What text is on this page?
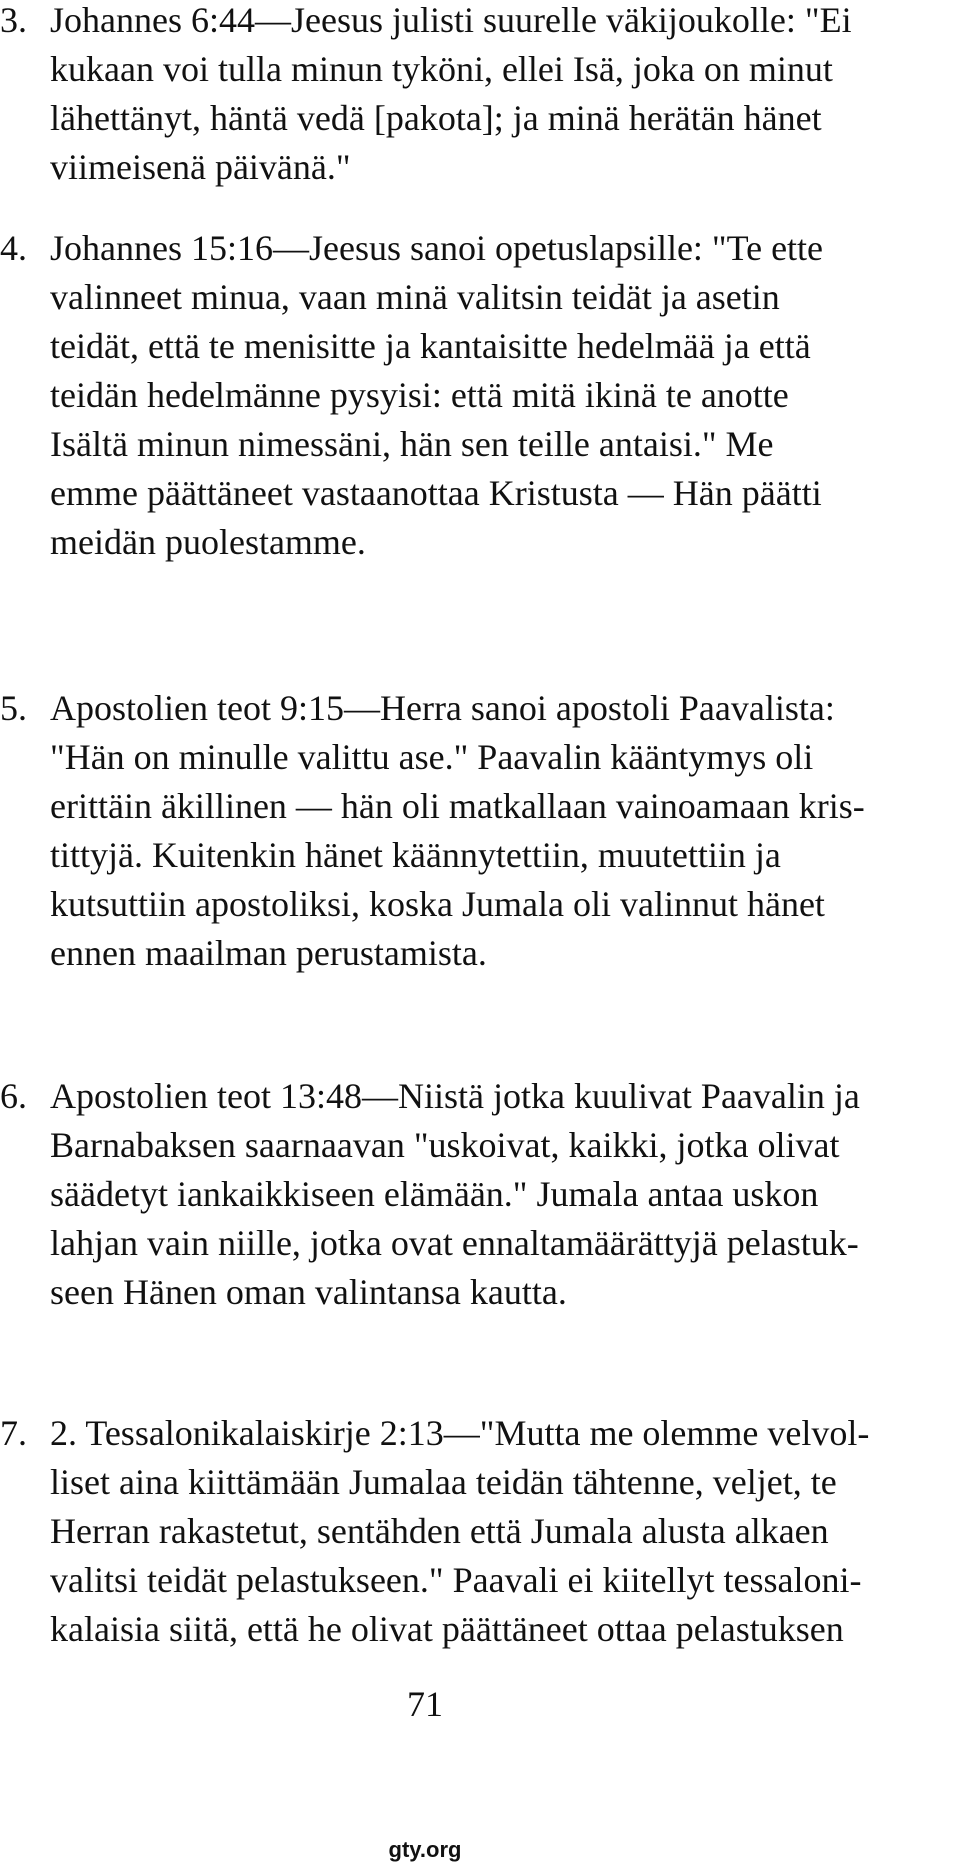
3. Johannes 6:44—Jeesus julisti suurelle väkijoukolle: "Ei
kukaan voi tulla minun tyköni, ellei Isä, joka on minut
lähettänyt, häntä vedä [pakota]; ja minä herätän hänet
viimeisenä päivänä."
4. Johannes 15:16—Jeesus sanoi opetuslapsille: "Te ette
valinneet minua, vaan minä valitsin teidät ja asetin
teidät, että te menisitte ja kantaisitte hedelmää ja että
teidän hedelmänne pysyisi: että mitä ikinä te anotte
Isältä minun nimessäni, hän sen teille antaisi." Me
emme päättäneet vastaanottaa Kristusta — Hän päätti
meidän puolestamme.
5. Apostolien teot 9:15—Herra sanoi apostoli Paavalista:
"Hän on minulle valittu ase." Paavalin kääntymys oli
erittäin äkillinen — hän oli matkallaan vainoamaan kris-
tittyjä. Kuitenkin hänet käännytettiin, muutettiin ja
kutsuttiin apostoliksi, koska Jumala oli valinnut hänet
ennen maailman perustamista.
6. Apostolien teot 13:48—Niistä jotka kuulivat Paavalin ja
Barnabaksen saarnaavan "uskoivat, kaikki, jotka olivat
säädetyt iankaikkiseen elämään." Jumala antaa uskon
lahjan vain niille, jotka ovat ennaltamäärättyjä pelastuk-
seen Hänen oman valintansa kautta.
7. 2. Tessalonikalaiskirje 2:13—"Mutta me olemme velvol-
liset aina kiittämään Jumalaa teidän tähtenne, veljet, te
Herran rakastetut, sentähden että Jumala alusta alkaen
valitsi teidät pelastukseen." Paavali ei kiitellyt tessaloni-
kalaisia siitä, että he olivat päättäneet ottaa pelastuksen
71
gty.org
